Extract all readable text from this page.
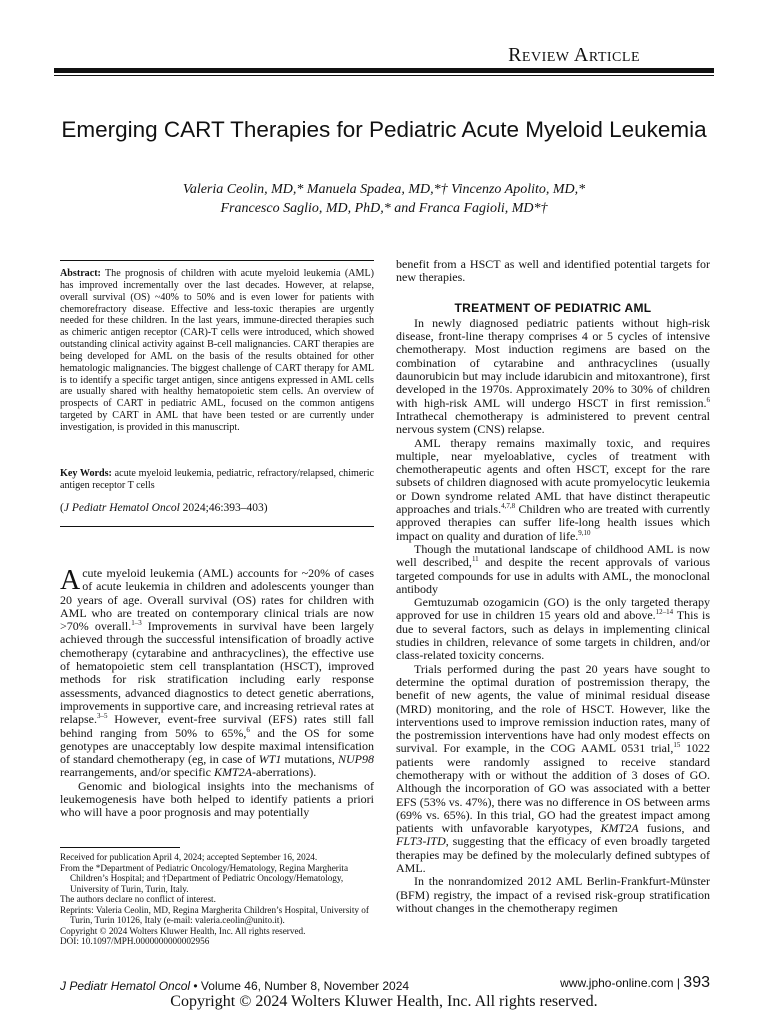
Review Article
Emerging CART Therapies for Pediatric Acute Myeloid Leukemia
Valeria Ceolin, MD,* Manuela Spadea, MD,*† Vincenzo Apolito, MD,*
Francesco Saglio, MD, PhD,* and Franca Fagioli, MD*†
Abstract: The prognosis of children with acute myeloid leukemia (AML) has improved incrementally over the last decades. However, at relapse, overall survival (OS) ~40% to 50% and is even lower for patients with chemorefractory disease. Effective and less-toxic therapies are urgently needed for these children. In the last years, immune-directed therapies such as chimeric antigen receptor (CAR)-T cells were introduced, which showed outstanding clinical activity against B-cell malignancies. CART therapies are being developed for AML on the basis of the results obtained for other hematologic malignancies. The biggest challenge of CART therapy for AML is to identify a specific target antigen, since antigens expressed in AML cells are usually shared with healthy hematopoietic stem cells. An overview of prospects of CART in pediatric AML, focused on the common antigens targeted by CART in AML that have been tested or are currently under investigation, is provided in this manuscript.
Key Words: acute myeloid leukemia, pediatric, refractory/relapsed, chimeric antigen receptor T cells
(J Pediatr Hematol Oncol 2024;46:393–403)

Acute myeloid leukemia (AML) accounts for ~20% of cases of acute leukemia in children and adolescents younger than 20 years of age. Overall survival (OS) rates for children with AML who are treated on contemporary clinical trials are now >70% overall.$^{1-3}$ Improvements in survival have been largely achieved through the successful intensification of broadly active chemotherapy (cytarabine and anthracyclines), the effective use of hematopoietic stem cell transplantation (HSCT), improved methods for risk stratification including early response assessments, advanced diagnostics to detect genetic aberrations, improvements in supportive care, and increasing retrieval rates at relapse.$^{3-5}$ However, event-free survival (EFS) rates still fall behind ranging from 50% to 65%,$^6$ and the OS for some genotypes are unacceptably low despite maximal intensification of standard chemotherapy (eg, in case of WT1 mutations, NUP98 rearrangements, and/or specific KMT2A-aberrations).

Genomic and biological insights into the mechanisms of leukemogenesis have both helped to identify patients a priori who will have a poor prognosis and may potentially

Received for publication April 4, 2024; accepted September 16, 2024.
From the *Department of Pediatric Oncology/Hematology, Regina Margherita Children’s Hospital; and †Department of Pediatric Oncology/Hematology, University of Turin, Turin, Italy.
The authors declare no conflict of interest.
Reprints: Valeria Ceolin, MD, Regina Margherita Children’s Hospital, University of Turin, Turin 10126, Italy (e-mail: valeria.ceolin@unito.it).
Copyright © 2024 Wolters Kluwer Health, Inc. All rights reserved.
DOI: 10.1097/MPH.0000000000002956

benefit from a HSCT as well and identified potential targets for new therapies.

TREATMENT OF PEDIATRIC AML

In newly diagnosed pediatric patients without high-risk disease, front-line therapy comprises 4 or 5 cycles of intensive chemotherapy. Most induction regimens are based on the combination of cytarabine and anthracyclines (usually daunorubicin but may include idarubicin and mitoxantrone), first developed in the 1970s. Approximately 20% to 30% of children with high-risk AML will undergo HSCT in first remission.$^6$ Intrathecal chemotherapy is administered to prevent central nervous system (CNS) relapse.

AML therapy remains maximally toxic, and requires multiple, near myeloablative, cycles of treatment with chemotherapeutic agents and often HSCT, except for the rare subsets of children diagnosed with acute promyelocytic leukemia or Down syndrome related AML that have distinct therapeutic approaches and trials.$^{4,7,8}$ Children who are treated with currently approved therapies can suffer life-long health issues which impact on quality and duration of life.$^{9,10}$

Though the mutational landscape of childhood AML is now well described,$^{11}$ and despite the recent approvals of various targeted compounds for use in adults with AML, the monoclonal antibody

Gemtuzumab ozogamicin (GO) is the only targeted therapy approved for use in children 15 years old and above.$^{12-14}$ This is due to several factors, such as delays in implementing clinical studies in children, relevance of some targets in children, and/or class-related toxicity concerns.

Trials performed during the past 20 years have sought to determine the optimal duration of postremission therapy, the benefit of new agents, the value of minimal residual disease (MRD) monitoring, and the role of HSCT. However, like the interventions used to improve remission induction rates, many of the postremission interventions have had only modest effects on survival. For example, in the COG AAML 0531 trial,$^{15}$ 1022 patients were randomly assigned to receive standard chemotherapy with or without the addition of 3 doses of GO. Although the incorporation of GO was associated with a better EFS (53% vs. 47%), there was no difference in OS between arms (69% vs. 65%). In this trial, GO had the greatest impact among patients with unfavorable karyotypes, KMT2A fusions, and FLT3-ITD, suggesting that the efficacy of even broadly targeted therapies may be defined by the molecularly defined subtypes of AML.

In the nonrandomized 2012 AML Berlin-Frankfurt-Münster (BFM) registry, the impact of a revised risk-group stratification without changes in the chemotherapy regimen

J Pediatr Hematol Oncol • Volume 46, Number 8, November 2024	www.jpho-online.com | 393
Copyright © 2024 Wolters Kluwer Health, Inc. All rights reserved.
